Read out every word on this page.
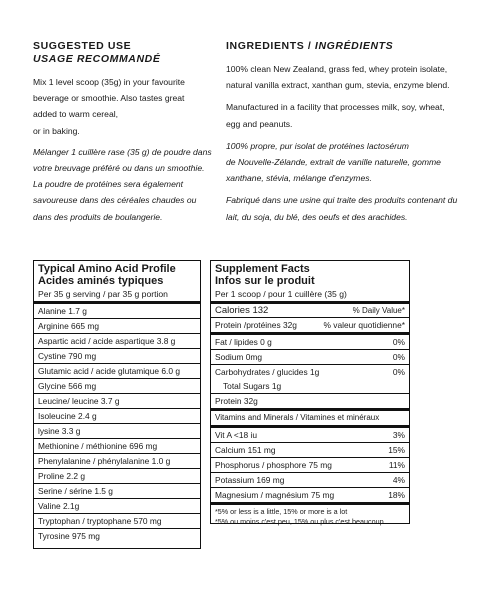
SUGGESTED USE
USAGE RECOMMANDÉ

Mix 1 level scoop (35g) in your favourite

beverage or smoothie. Also tastes great

added to warm cereal,

or in baking.

Mélanger 1 cuillère rase (35 g) de poudre dans

votre breuvage préféré ou dans un smoothie.

La poudre de protéines sera également

savoureuse dans des céréales chaudes ou

dans des produits de boulangerie.

INGREDIENTS / INGRÉDIENTS

100% clean New Zealand, grass fed, whey protein isolate,

natural vanilla extract, xanthan gum, stevia, enzyme blend.

Manufactured in a facility that processes milk, soy, wheat,

egg and peanuts.

100% propre, pur isolat de protéines lactosérum

de Nouvelle-Zélande, extrait de vanille naturelle, gomme

xanthane, stévia, mélange d'enzymes.

Fabriqué dans une usine qui traite des produits contenant du

lait, du soja, du blé, des oeufs et des arachides.

Typical Amino Acid Profile
Acides aminés typiques
Per 35 g serving / par 35 g portion
Alanine 1.7 g
Arginine 665 mg
Aspartic acid / acide aspartique 3.8 g
Cystine 790 mg
Glutamic acid / acide glutamique 6.0 g
Glycine 566 mg
Leucine/ leucine 3.7 g
Isoleucine 2.4 g
lysine 3.3 g
Methionine / méthionine 696 mg
Phenylalanine / phénylalanine 1.0 g
Proline 2.2 g
Serine / sérine 1.5 g
Valine 2.1g
Tryptophan / tryptophane 570 mg
Tyrosine 975 mg
Supplement Facts
Infos sur le produit
Per 1 scoop / pour 1 cuillère (35 g)
Calories 132	% Daily Value*
Protein /protéines 32g	% valeur quotidienne*
Fat / lipides 0 g	0%
Sodium 0mg	0%
Carbohydrates / glucides 1g	0%
Total Sugars 1g
Protein 32g
Vitamins and Minerals / Vitamines et minéraux
Vit A <18 iu	3%
Calcium 151 mg	15%
Phosphorus / phosphore 75 mg	11%
Potassium 169 mg	4%
Magnesium / magnésium 75 mg	18%
*5% or less is a little, 15% or more is a lot
*5% ou moins c'est peu, 15% ou plus c'est beaucoup
